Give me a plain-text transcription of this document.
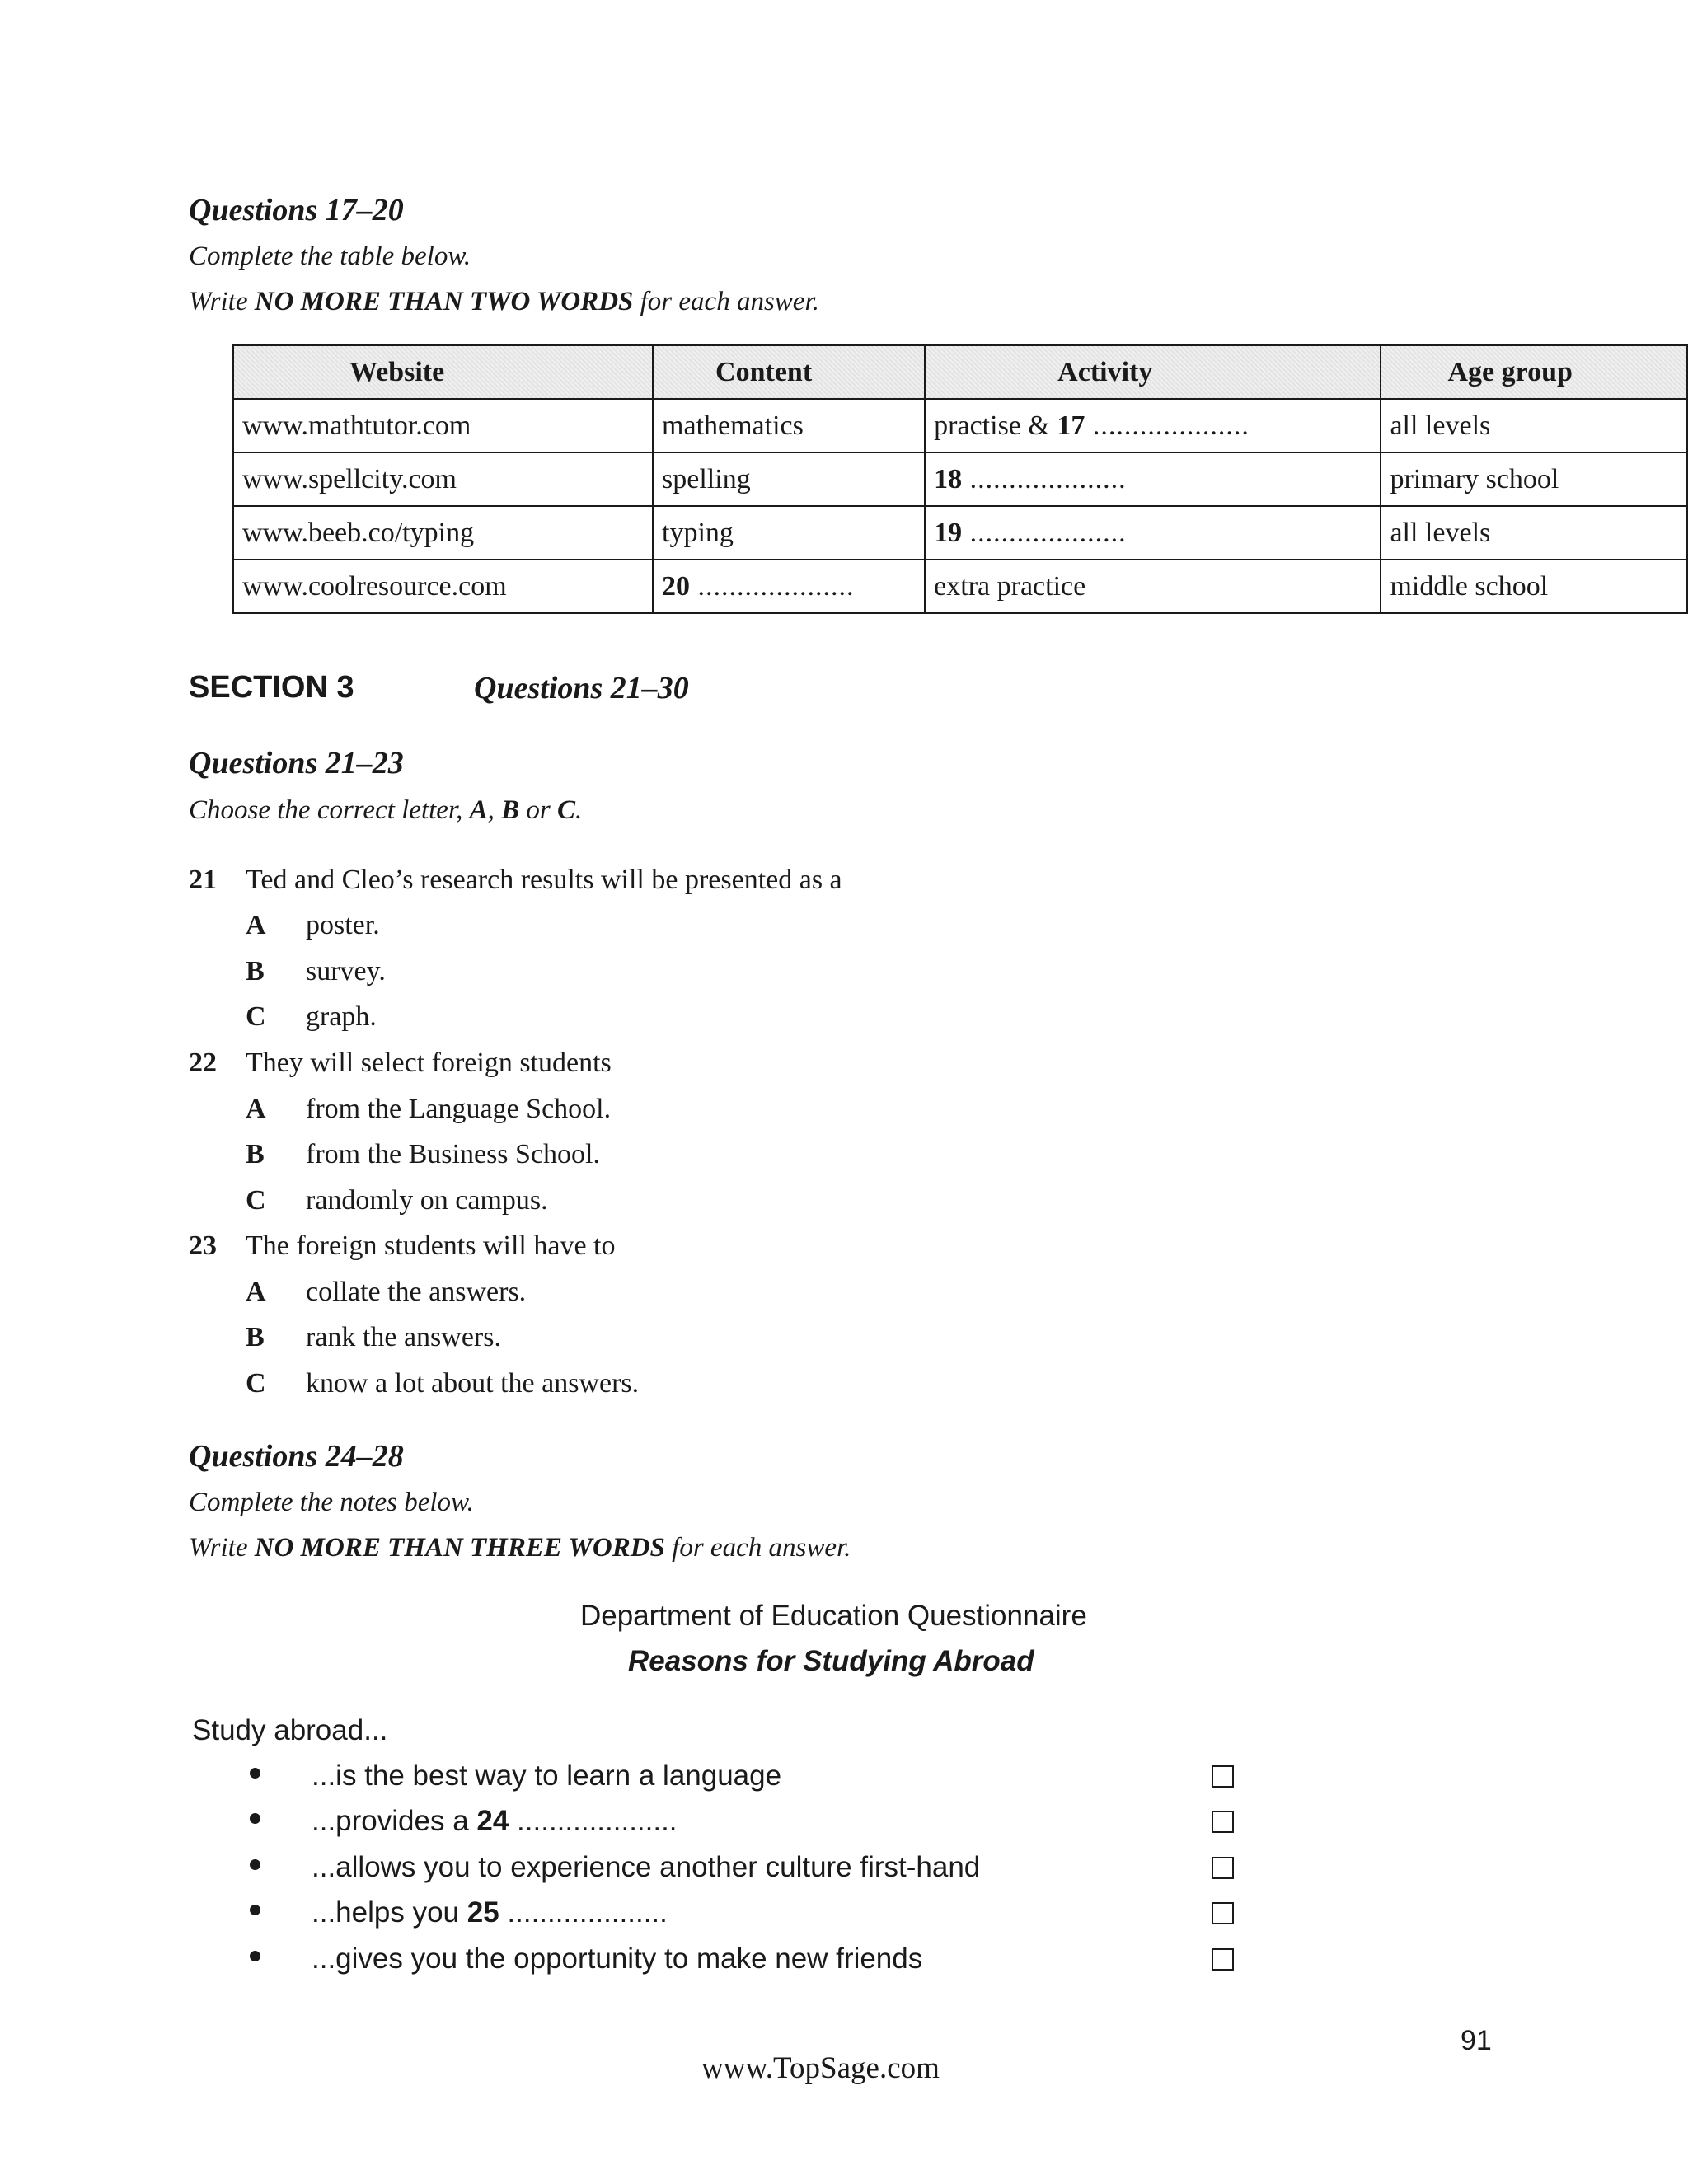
Questions 17–20
Complete the table below.
Write NO MORE THAN TWO WORDS for each answer.
Website	Content	Activity	Age group
www.mathtutor.com	mathematics	practise & 17 ....................	all levels
www.spellcity.com	spelling	18 ....................	primary school
www.beeb.co/typing	typing	19 ....................	all levels
www.coolresource.com	20 ....................	extra practice	middle school
SECTION 3	Questions 21–30
Questions 21–23
Choose the correct letter, A, B or C.
21 Ted and Cleo’s research results will be presented as a
A poster.
B survey.
C graph.
22 They will select foreign students
A from the Language School.
B from the Business School.
C randomly on campus.
23 The foreign students will have to
A collate the answers.
B rank the answers.
C know a lot about the answers.
Questions 24–28
Complete the notes below.
Write NO MORE THAN THREE WORDS for each answer.
Department of Education Questionnaire
Reasons for Studying Abroad
Study abroad...
...is the best way to learn a language
...provides a 24 ....................
...allows you to experience another culture first-hand
...helps you 25 ....................
...gives you the opportunity to make new friends
91
www.TopSage.com
